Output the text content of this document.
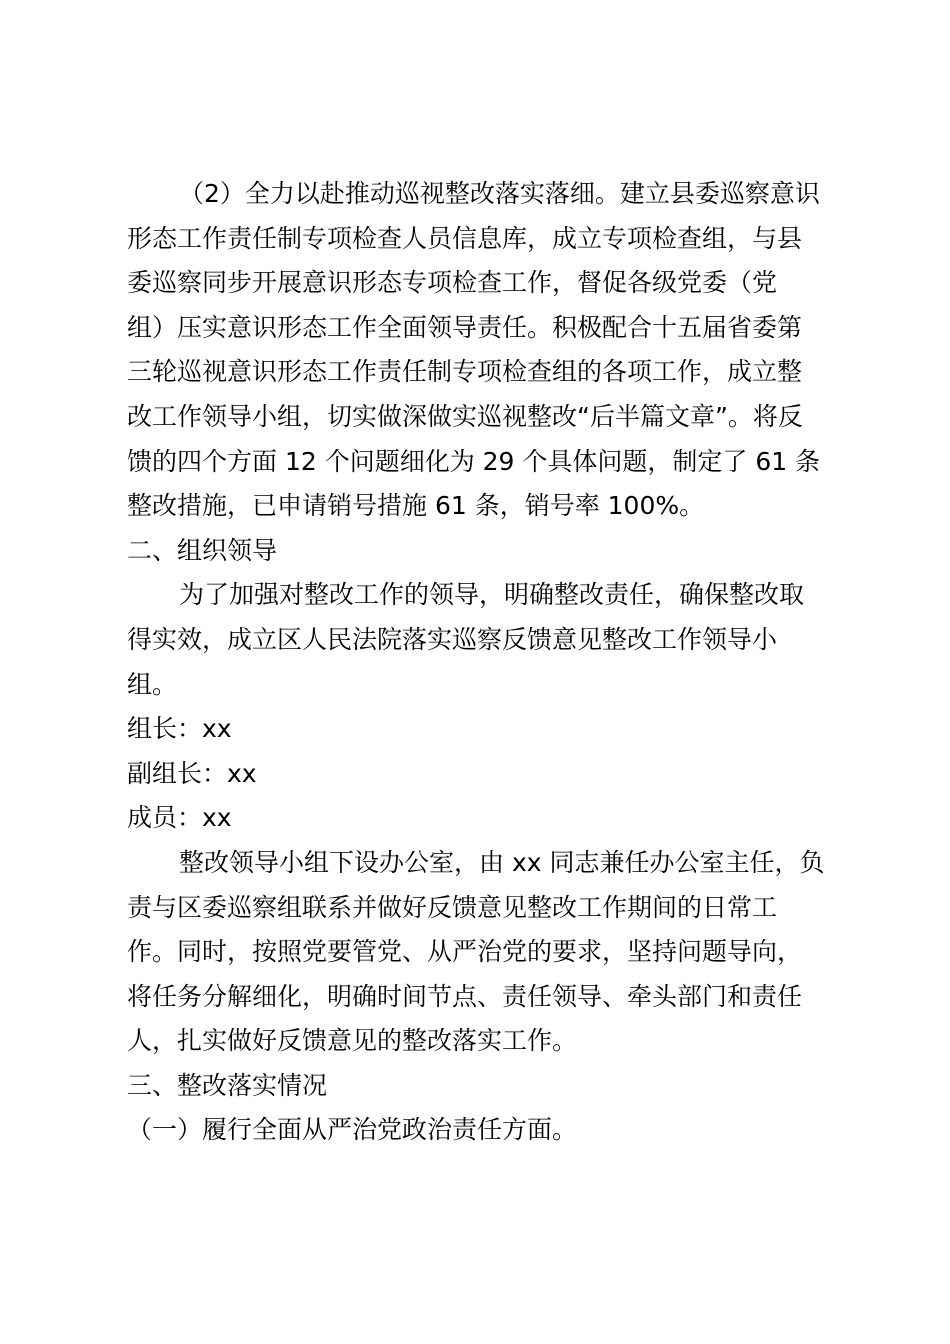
（2）全力以赴推动巡视整改落实落细。建立县委巡察意识

形态工作责任制专项检查人员信息库，成立专项检查组，与县

委巡察同步开展意识形态专项检查工作，督促各级党委（党

组）压实意识形态工作全面领导责任。积极配合十五届省委第

三轮巡视意识形态工作责任制专项检查组的各项工作，成立整

改工作领导小组，切实做深做实巡视整改“后半篇文章”。将反

馈的四个方面 12 个问题细化为 29 个具体问题，制定了 61 条

整改措施，已申请销号措施 61 条，销号率 100%。

二、组织领导

为了加强对整改工作的领导，明确整改责任，确保整改取

得实效，成立区人民法院落实巡察反馈意见整改工作领导小

组。

组长：xx

副组长：xx

成员：xx

整改领导小组下设办公室，由 xx 同志兼任办公室主任，负

责与区委巡察组联系并做好反馈意见整改工作期间的日常工

作。同时，按照党要管党、从严治党的要求，坚持问题导向，

将任务分解细化，明确时间节点、责任领导、牵头部门和责任

人，扎实做好反馈意见的整改落实工作。

三、整改落实情况

（一）履行全面从严治党政治责任方面。
